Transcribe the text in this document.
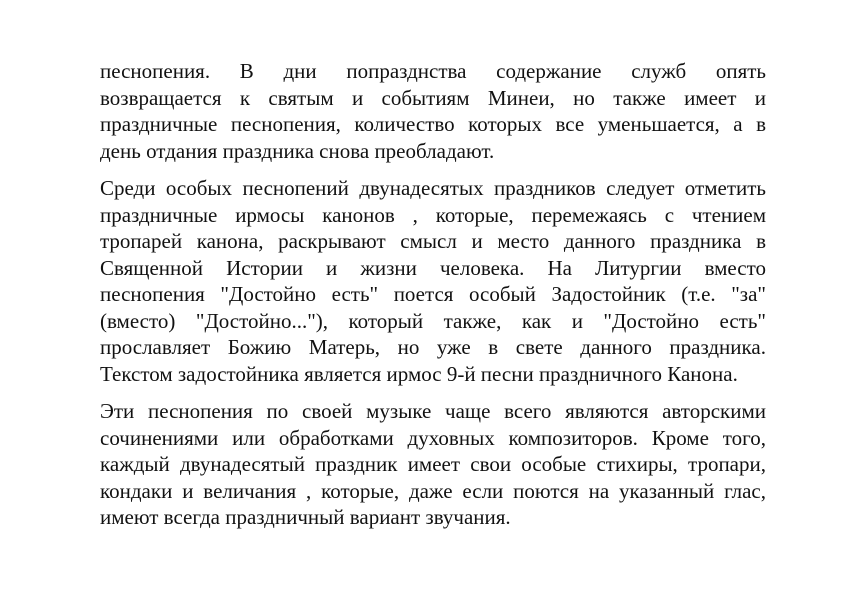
песнопения. В дни попразднства содержание служб опять
возвращается к святым и событиям Минеи, но также имеет и
праздничные песнопения, количество которых все уменьшается, а в
день отдания праздника снова преобладают.
Среди особых песнопений двунадесятых праздников следует отметить
праздничные ирмосы канонов , которые, перемежаясь с чтением
тропарей канона, раскрывают смысл и место данного праздника в
Священной Истории и жизни человека. На Литургии вместо
песнопения "Достойно есть" поется особый Задостойник (т.е. "за"
(вместо) "Достойно..."), который также, как и "Достойно есть"
прославляет Божию Матерь, но уже в свете данного праздника.
Текстом задостойника является ирмос 9-й песни праздничного Канона.
Эти песнопения по своей музыке чаще всего являются авторскими
сочинениями или обработками духовных композиторов. Кроме того,
каждый двунадесятый праздник имеет свои особые стихиры, тропари,
кондаки и величания , которые, даже если поются на указанный глас,
имеют всегда праздничный вариант звучания.
